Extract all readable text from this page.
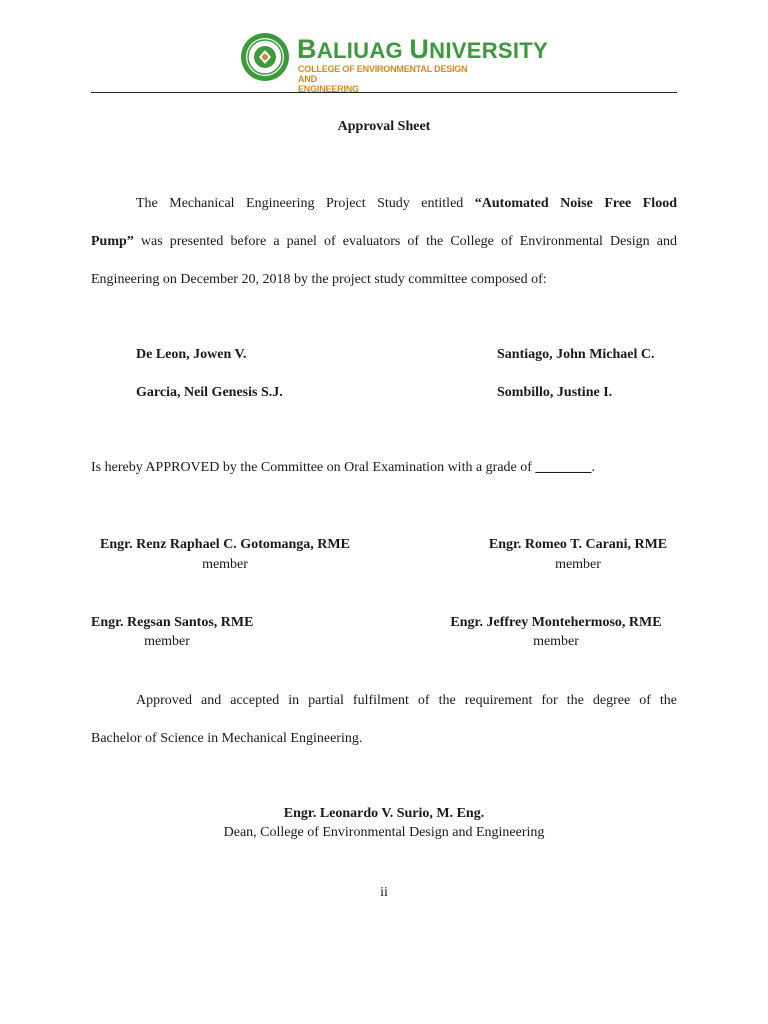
BALIUAG UNIVERSITY
COLLEGE OF ENVIRONMENTAL DESIGN AND
ENGINEERING
Approval Sheet
The Mechanical Engineering Project Study entitled “Automated Noise Free Flood
Pump” was presented before a panel of evaluators of the College of Environmental Design and
Engineering on December 20, 2018 by the project study committee composed of:
De Leon, Jowen V.	Santiago, John Michael C.
Garcia, Neil Genesis S.J.	Sombillo, Justine I.
Is hereby APPROVED by the Committee on Oral Examination with a grade of ________.
Engr. Renz Raphael C. Gotomanga, RME
member
Engr. Romeo T. Carani, RME
member
Engr. Regsan Santos, RME
member
Engr. Jeffrey Montehermoso, RME
member
Approved and accepted in partial fulfilment of the requirement for the degree of the
Bachelor of Science in Mechanical Engineering.
Engr. Leonardo V. Surio, M. Eng.
Dean, College of Environmental Design and Engineering
ii
